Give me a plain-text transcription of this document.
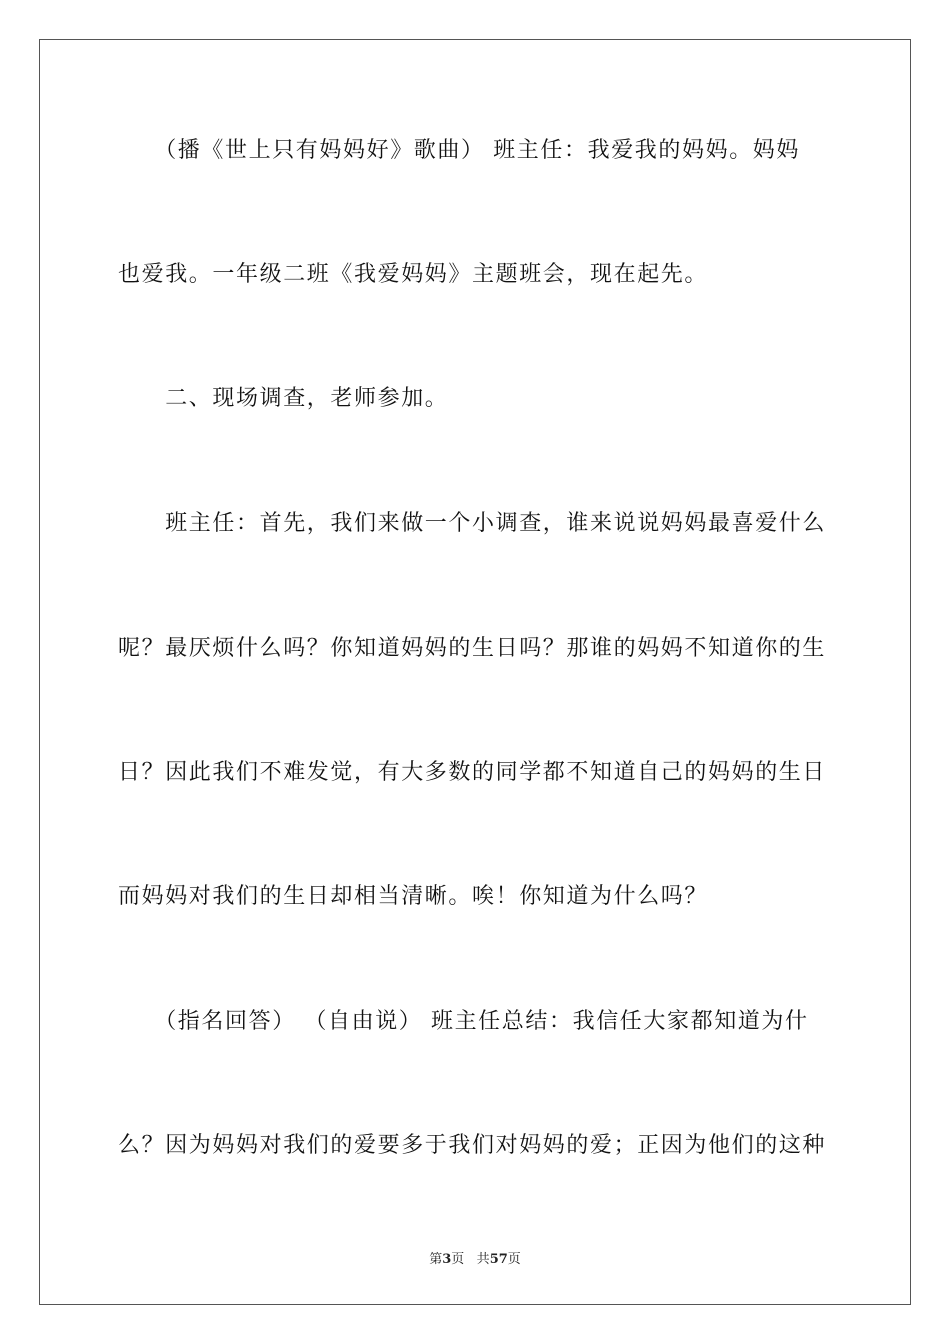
　　（播《世上只有妈妈好》歌曲） 班主任：我爱我的妈妈。妈妈
也爱我。一年级二班《我爱妈妈》主题班会，现在起先。
　　二、现场调查，老师参加。
　　班主任：首先，我们来做一个小调查，谁来说说妈妈最喜爱什么
呢？最厌烦什么吗？你知道妈妈的生日吗？那谁的妈妈不知道你的生
日？因此我们不难发觉，有大多数的同学都不知道自己的妈妈的生日
而妈妈对我们的生日却相当清晰。唉！你知道为什么吗？
　　（指名回答） （自由说） 班主任总结：我信任大家都知道为什
么？因为妈妈对我们的爱要多于我们对妈妈的爱；正因为他们的这种
第3页 共57页
